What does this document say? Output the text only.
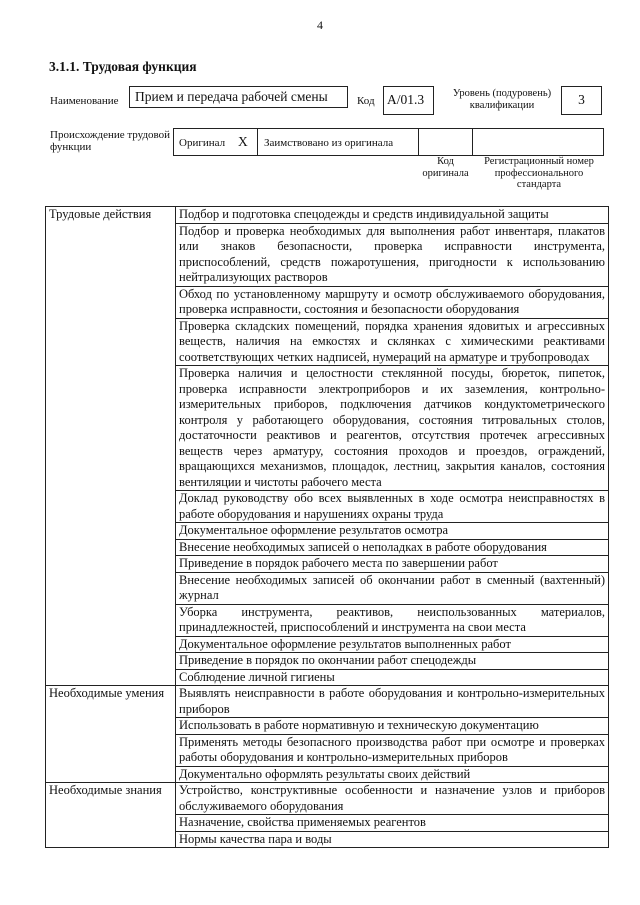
4
3.1.1. Трудовая функция
Наименование	Прием и передача рабочей смены	Код A/01.3	Уровень (подуровень) квалификации	3
Происхождение трудовой функции	Оригинал X Заимствовано из оригинала
Код оригинала
Регистрационный номер профессионального стандарта
Трудовые действия	Подбор и подготовка спецодежды и средств индивидуальной защиты
	Подбор и проверка необходимых для выполнения работ инвентаря, плакатов или знаков безопасности, проверка исправности инструмента, приспособлений, средств пожаротушения, пригодности к использованию нейтрализующих растворов
	Обход по установленному маршруту и осмотр обслуживаемого оборудования, проверка исправности, состояния и безопасности оборудования
	Проверка складских помещений, порядка хранения ядовитых и агрессивных веществ, наличия на емкостях и склянках с химическими реактивами соответствующих четких надписей, нумераций на арматуре и трубопроводах
	Проверка наличия и целостности стеклянной посуды, бюреток, пипеток, проверка исправности электроприборов и их заземления, контрольно-измерительных приборов, подключения датчиков кондуктометрического контроля у работающего оборудования, состояния титровальных столов, достаточности реактивов и реагентов, отсутствия протечек агрессивных веществ через арматуру, состояния проходов и проездов, ограждений, вращающихся механизмов, площадок, лестниц, закрытия каналов, состояния вентиляции и чистоты рабочего места
	Доклад руководству обо всех выявленных в ходе осмотра неисправностях в работе оборудования и нарушениях охраны труда
	Документальное оформление результатов осмотра
	Внесение необходимых записей о неполадках в работе оборудования
	Приведение в порядок рабочего места по завершении работ
	Внесение необходимых записей об окончании работ в сменный (вахтенный) журнал
	Уборка инструмента, реактивов, неиспользованных материалов, принадлежностей, приспособлений и инструмента на свои места
	Документальное оформление результатов выполненных работ
	Приведение в порядок по окончании работ спецодежды
	Соблюдение личной гигиены
Необходимые умения	Выявлять неисправности в работе оборудования и контрольно-измерительных приборов
	Использовать в работе нормативную и техническую документацию
	Применять методы безопасного производства работ при осмотре и проверках работы оборудования и контрольно-измерительных приборов
	Документально оформлять результаты своих действий
Необходимые знания	Устройство, конструктивные особенности и назначение узлов и приборов обслуживаемого оборудования
	Назначение, свойства применяемых реагентов
	Нормы качества пара и воды
